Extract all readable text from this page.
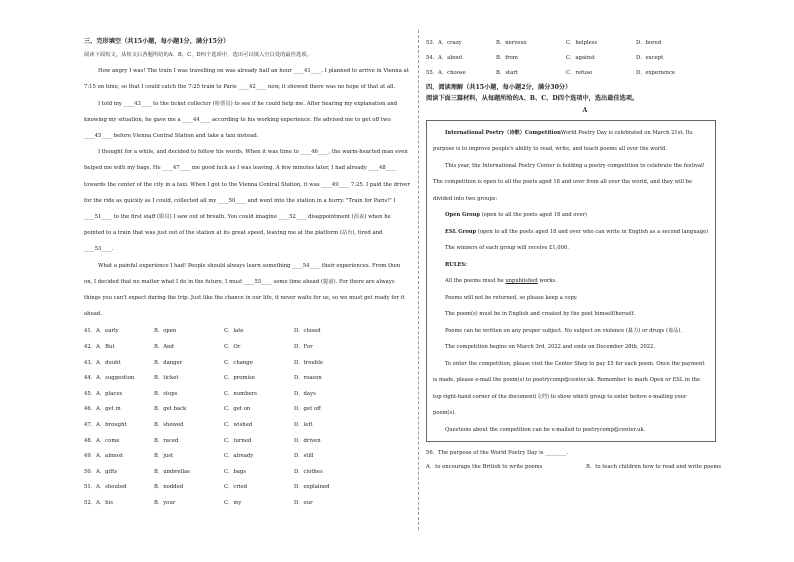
三、完形填空（共15小题，每小题1分，满分15分）

阅读下面短文，从短文后各题所给的A、B、C、D四个选项中，选出可以填入空白处的最佳选项。

How angry I was! The train I was travelling on was already half an hour ____41____. I planned to arrive in Vienna at 7:15 on time, so that I could catch the 7:25 train to Paris ____42____ now, it showed there was no hope of that at all.

I told my ____43____ to the ticket collector (检票员) to see if he could help me. After hearing my explanation and knowing my situation, he gave me a ____44____ according to his working experience. He advised me to get off two ____45____ before Vienna Central Station and take a taxi instead.

I thought for a while, and decided to follow his words. When it was time to ____46____, the warm-hearted man even helped me with my bags. He ____47____ me good luck as I was leaving. A few minutes later, I had already ____48____ towards the center of the city in a taxi. When I got to the Vienna Central Station, it was ____49____ 7:25. I paid the driver for the ride as quickly as I could, collected all my ____50____ and went into the station in a hurry. "Train for Paris!" I ____51____ to the first staff (职员) I saw out of breath. You could imagine ____52____ disappointment (沮丧) when he pointed to a train that was just out of the station at its great speed, leaving me at the platform (站台), tired and ____53____.

What a painful experience I had! People should always learn something ____54____ their experiences. From then on, I decided that no matter what I do in the future, I must ____55____ some time ahead (提前). For there are always things you can't expect during the trip. Just like the chance in our life, it never waits for us, so we must get ready for it ahead.

41．A．early	B．open	C．late	D．closed
42．A．But	B．And	C．Or	D．For
43．A．doubt	B．danger	C．change	D．trouble
44．A．suggestion	B．ticket	C．promise	D．reason
45．A．places	B．stops	C．numbers	D．days
46．A．get in	B．get back	C．get on	D．get off
47．A．brought	B．showed	C．wished	D．left
48．A．come	B．raced	C．turned	D．driven
49．A．almost	B．just	C．already	D．still
50．A．gifts	B．umbrellas	C．bags	D．clothes
51．A．shouted	B．nodded	C．cried	D．explained
52．A．his	B．your	C．my	D．our
53．A．crazy	B．nervous	C．helpless	D．bored
54．A．about	B．from	C．against	D．except
55．A．choose	B．start	C．refuse	D．experience
四、阅读理解（共15小题，每小题2分，满分30分）
阅读下面三篇材料，从每题所给的A、B、C、D四个选项中，选出最佳选项。
A

International Poetry（诗歌）CompetitionWorld Poetry Day is celebrated on March 21st. Its purpose is to improve people's ability to read, write, and teach poems all over the world.

This year, the International Poetry Center is holding a poetry competition to celebrate the festival! The competition is open to all the poets aged 18 and over from all over the world, and they will be divided into two groups:

Open Group (open to all the poets aged 18 and over)

ESL Group (open to all the poets aged 18 and over who can write in English as a second language)

The winners of each group will receive £1,000.

RULES:

All the poems must be unpublished works.

Poems will not be returned, so please keep a copy.

The poem(s) must be in English and created by the poet himself/herself.

Poems can be written on any proper subject. No subject on violence (暴力) or drugs (毒品).

The competition begins on March 3rd, 2022 and ends on December 28th, 2022.

To enter the competition, please visit the Center Shop to pay £5 for each poem. Once the payment is made, please e-mail the poem(s) to poetrycomp@center.uk. Remember to mark Open or ESL in the top right-hand corner of the document(文档) to show which group to enter before e-mailing your poem(s).

Questions about the competition can be e-mailed to poetrycomp@center.uk.

56．The purpose of the World Poetry Day is ________.
A．to encourage the British to write poems	B．to teach children how to read and write poems
